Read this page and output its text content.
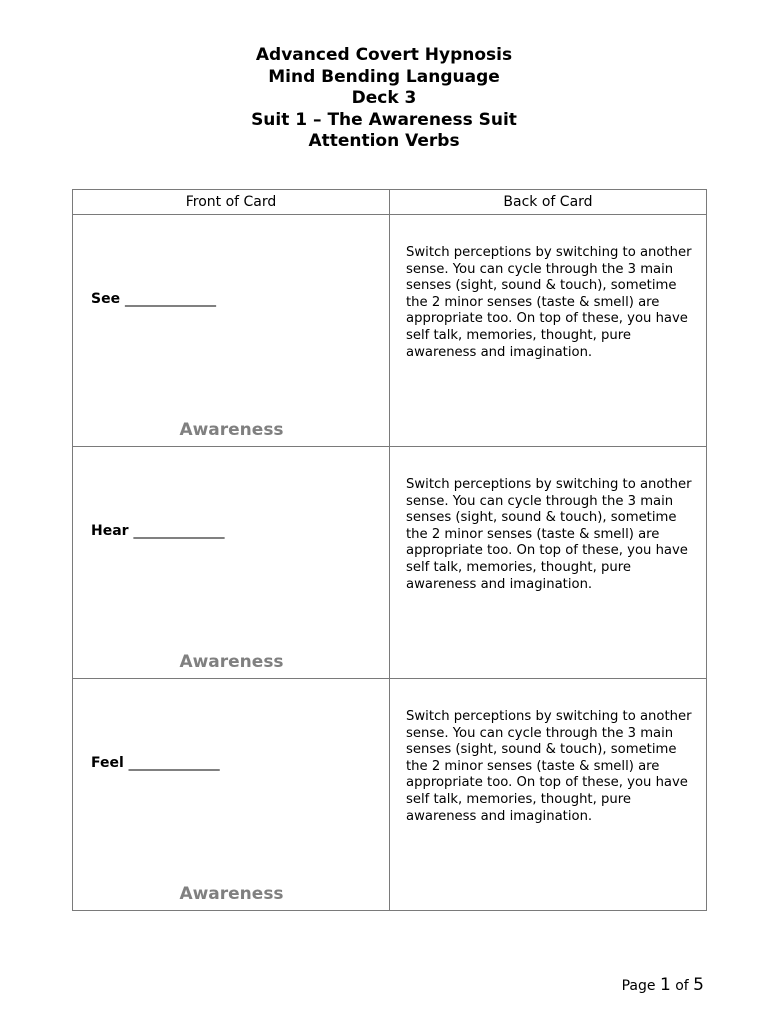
Advanced Covert Hypnosis
Mind Bending Language
Deck 3
Suit 1 – The Awareness Suit
Attention Verbs
Front of Card	Back of Card

See _____________
Awareness	Switch perceptions by switching to another sense. You can cycle through the 3 main senses (sight, sound & touch), sometime the 2 minor senses (taste & smell) are appropriate too. On top of these, you have self talk, memories, thought, pure awareness and imagination.

Hear _____________
Awareness	Switch perceptions by switching to another sense. You can cycle through the 3 main senses (sight, sound & touch), sometime the 2 minor senses (taste & smell) are appropriate too. On top of these, you have self talk, memories, thought, pure awareness and imagination.

Feel _____________
Awareness	Switch perceptions by switching to another sense. You can cycle through the 3 main senses (sight, sound & touch), sometime the 2 minor senses (taste & smell) are appropriate too. On top of these, you have self talk, memories, thought, pure awareness and imagination.
Page 1 of 5
